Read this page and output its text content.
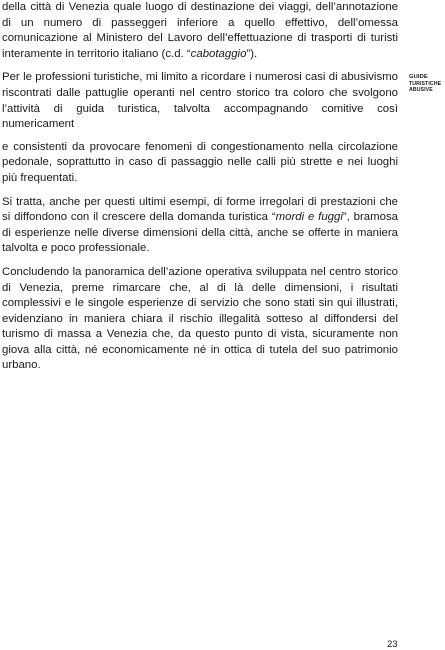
della città di Venezia quale luogo di destinazione dei viaggi, dell’annotazione di un numero di passeggeri inferiore a quello effettivo, dell’omessa comunicazione al Ministero del Lavoro dell’effettuazione di trasporti di turisti interamente in territorio italiano (c.d. “cabotaggio”).

Per le professioni turistiche, mi limito a ricordare i numerosi casi di abusivismo riscontrati dalle pattuglie operanti nel centro storico tra coloro che svolgono l’attività di guida turistica, talvolta accompagnando comitive così numericament

e consistenti da provocare fenomeni di congestionamento nella circolazione pedonale, soprattutto in caso di passaggio nelle calli più strette e nei luoghi più frequentati.

Si tratta, anche per questi ultimi esempi, di forme irregolari di prestazioni che si diffondono con il crescere della domanda turistica “mordi e fuggi”, bramosa di esperienze nelle diverse dimensioni della città, anche se offerte in maniera talvolta e poco professionale.

Concludendo la panoramica dell’azione operativa sviluppata nel centro storico di Venezia, preme rimarcare che, al di là delle dimensioni, i risultati complessivi e le singole esperienze di servizio che sono stati sin qui illustrati, evidenziano in maniera chiara il rischio illegalità sotteso al diffondersi del turismo di massa a Venezia che, da questo punto di vista, sicuramente non giova alla città, né economicamente né in ottica di tutela del suo patrimonio urbano.

GUIDE
TURISTICHE
ABUSIVE
23
